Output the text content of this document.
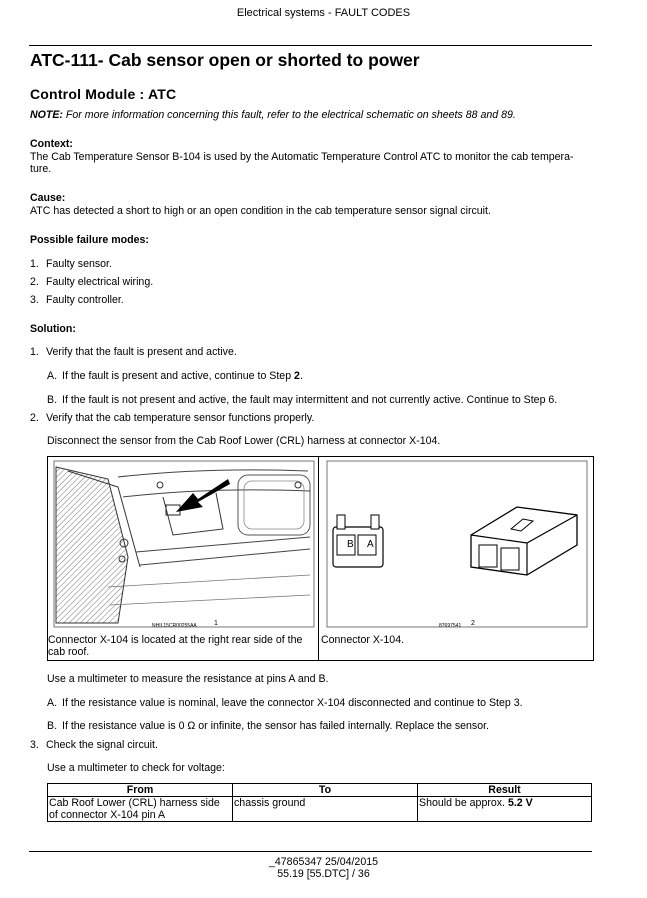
Electrical systems - FAULT CODES
ATC-111- Cab sensor open or shorted to power
Control Module : ATC
NOTE: For more information concerning this fault, refer to the electrical schematic on sheets 88 and 89.
Context:
The Cab Temperature Sensor B-104 is used by the Automatic Temperature Control ATC to monitor the cab tempera-
ture.
Cause:
ATC has detected a short to high or an open condition in the cab temperature sensor signal circuit.
Possible failure modes:
1. Faulty sensor.
2. Faulty electrical wiring.
3. Faulty controller.
Solution:
1. Verify that the fault is present and active.
A. If the fault is present and active, continue to Step 2.
B. If the fault is not present and active, the fault may intermittent and not currently active. Continue to Step 6.
2. Verify that the cab temperature sensor functions properly.
Disconnect the sensor from the Cab Roof Lower (CRL) harness at connector X-104.
NHIL15CR00255AA 1
Connector X-104 is located at the right rear side of the
cab roof.
B A
87697541 2
Connector X-104.
Use a multimeter to measure the resistance at pins A and B.
A. If the resistance value is nominal, leave the connector X-104 disconnected and continue to Step 3.
B. If the resistance value is 0 Ω or infinite, the sensor has failed internally. Replace the sensor.
3. Check the signal circuit.
Use a multimeter to check for voltage:
From	To	Result

Cab Roof Lower (CRL) harness side
of connector X-104 pin A	chassis ground	Should be approx. 5.2 V
_47865347 25/04/2015
55.19 [55.DTC] / 36
